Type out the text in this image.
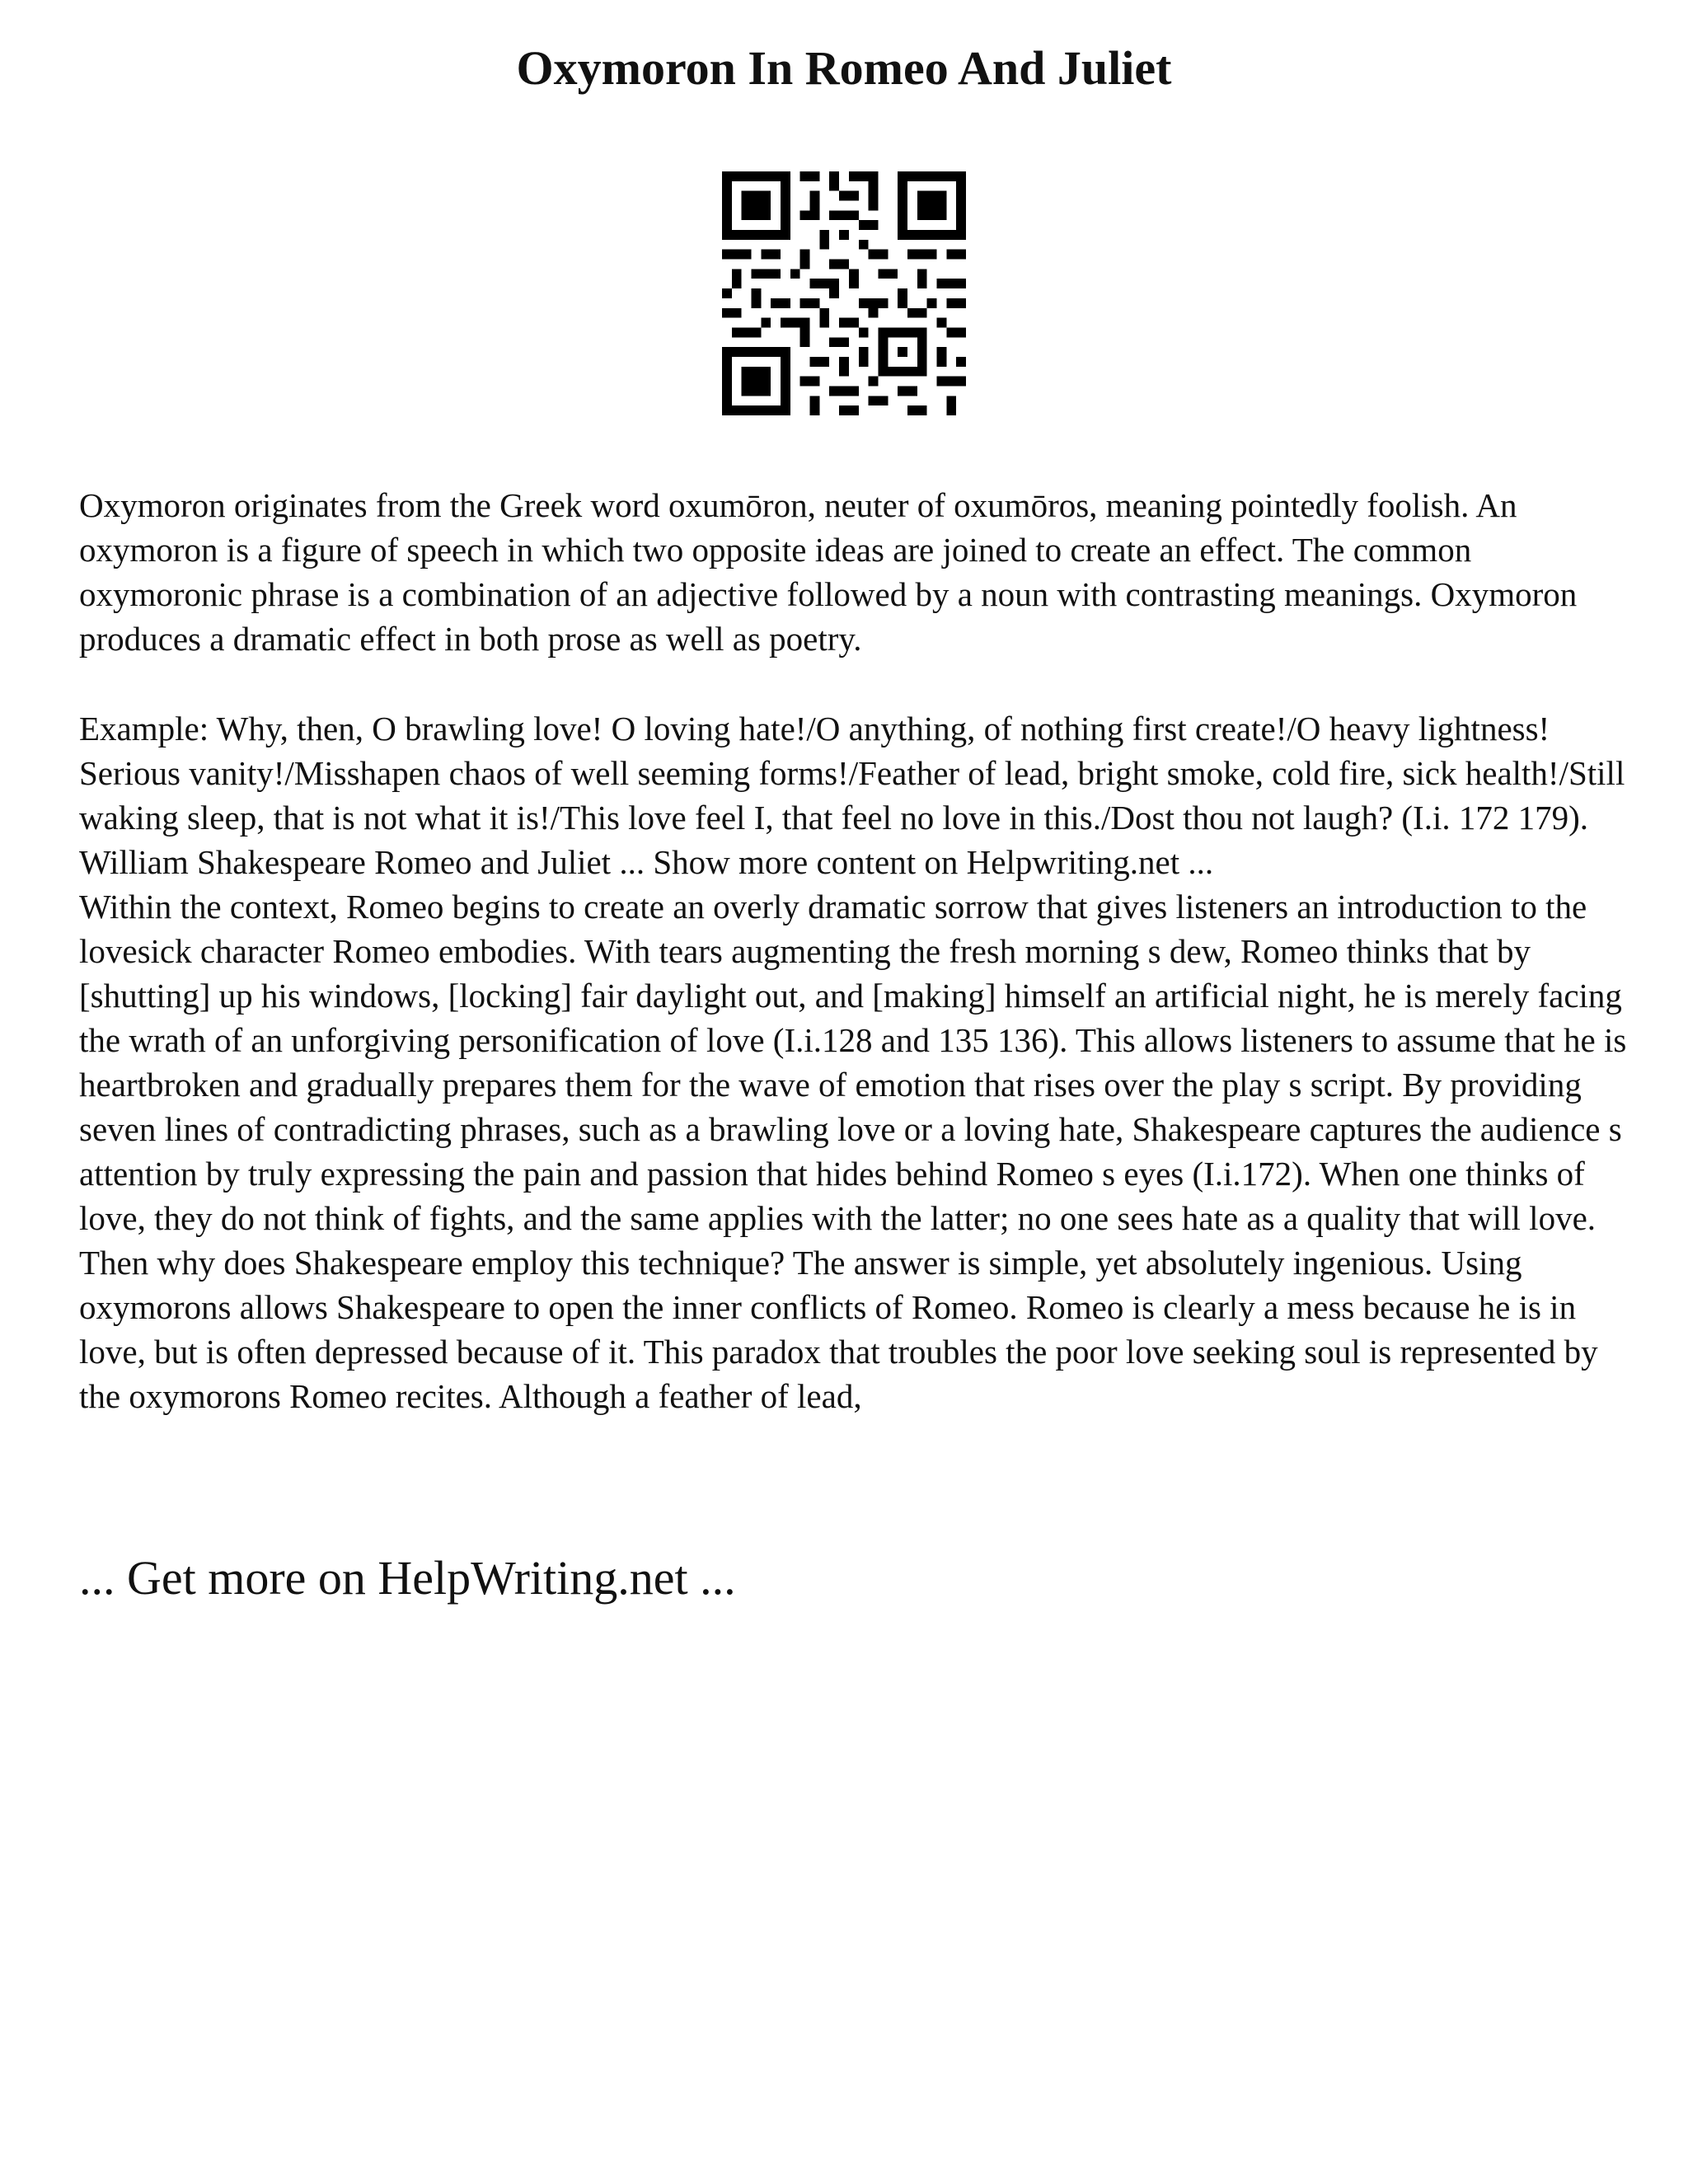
Oxymoron In Romeo And Juliet

Oxymoron originates from the Greek word oxumōron, neuter of oxumōros, meaning pointedly foolish. An oxymoron is a figure of speech in which two opposite ideas are joined to create an effect. The common oxymoronic phrase is a combination of an adjective followed by a noun with contrasting meanings. Oxymoron produces a dramatic effect in both prose as well as poetry.

Example: Why, then, O brawling love! O loving hate!/O anything, of nothing first create!/O heavy lightness! Serious vanity!/Misshapen chaos of well seeming forms!/Feather of lead, bright smoke, cold fire, sick health!/Still waking sleep, that is not what it is!/This love feel I, that feel no love in this./Dost thou not laugh? (I.i. 172 179). William Shakespeare Romeo and Juliet ... Show more content on Helpwriting.net ...

Within the context, Romeo begins to create an overly dramatic sorrow that gives listeners an introduction to the lovesick character Romeo embodies. With tears augmenting the fresh morning s dew, Romeo thinks that by [shutting] up his windows, [locking] fair daylight out, and [making] himself an artificial night, he is merely facing the wrath of an unforgiving personification of love (I.i.128 and 135 136). This allows listeners to assume that he is heartbroken and gradually prepares them for the wave of emotion that rises over the play s script. By providing seven lines of contradicting phrases, such as a brawling love or a loving hate, Shakespeare captures the audience s attention by truly expressing the pain and passion that hides behind Romeo s eyes (I.i.172). When one thinks of love, they do not think of fights, and the same applies with the latter; no one sees hate as a quality that will love. Then why does Shakespeare employ this technique? The answer is simple, yet absolutely ingenious. Using oxymorons allows Shakespeare to open the inner conflicts of Romeo. Romeo is clearly a mess because he is in love, but is often depressed because of it. This paradox that troubles the poor love seeking soul is represented by the oxymorons Romeo recites. Although a feather of lead,

... Get more on HelpWriting.net ...
